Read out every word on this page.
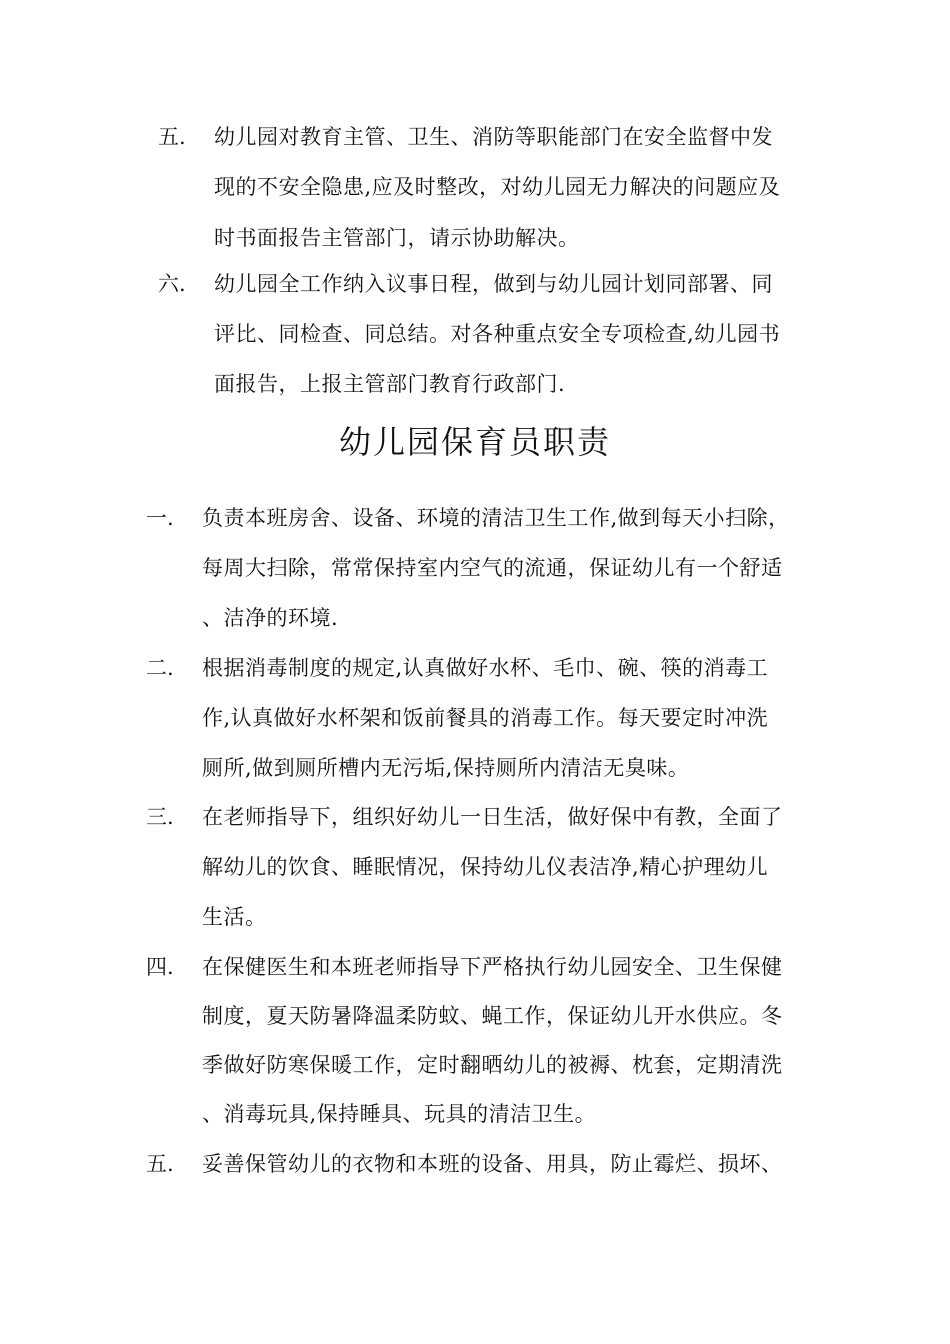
五. 幼儿园对教育主管、卫生、消防等职能部门在安全监督中发
现的不安全隐患,应及时整改，对幼儿园无力解决的问题应及
时书面报告主管部门，请示协助解决。
六. 幼儿园全工作纳入议事日程，做到与幼儿园计划同部署、同
评比、同检查、同总结。对各种重点安全专项检查,幼儿园书
面报告，上报主管部门教育行政部门.
幼儿园保育员职责
一. 负责本班房舍、设备、环境的清洁卫生工作,做到每天小扫除，
每周大扫除，常常保持室内空气的流通，保证幼儿有一个舒适
、洁净的环境.
二. 根据消毒制度的规定,认真做好水杯、毛巾、碗、筷的消毒工
作,认真做好水杯架和饭前餐具的消毒工作。每天要定时冲洗
厕所,做到厕所槽内无污垢,保持厕所内清洁无臭味。
三. 在老师指导下，组织好幼儿一日生活，做好保中有教，全面了
解幼儿的饮食、睡眠情况，保持幼儿仪表洁净,精心护理幼儿
生活。
四. 在保健医生和本班老师指导下严格执行幼儿园安全、卫生保健
制度，夏天防暑降温柔防蚊、蝇工作，保证幼儿开水供应。冬
季做好防寒保暖工作，定时翻晒幼儿的被褥、枕套，定期清洗
、消毒玩具,保持睡具、玩具的清洁卫生。
五. 妥善保管幼儿的衣物和本班的设备、用具，防止霉烂、损坏、
